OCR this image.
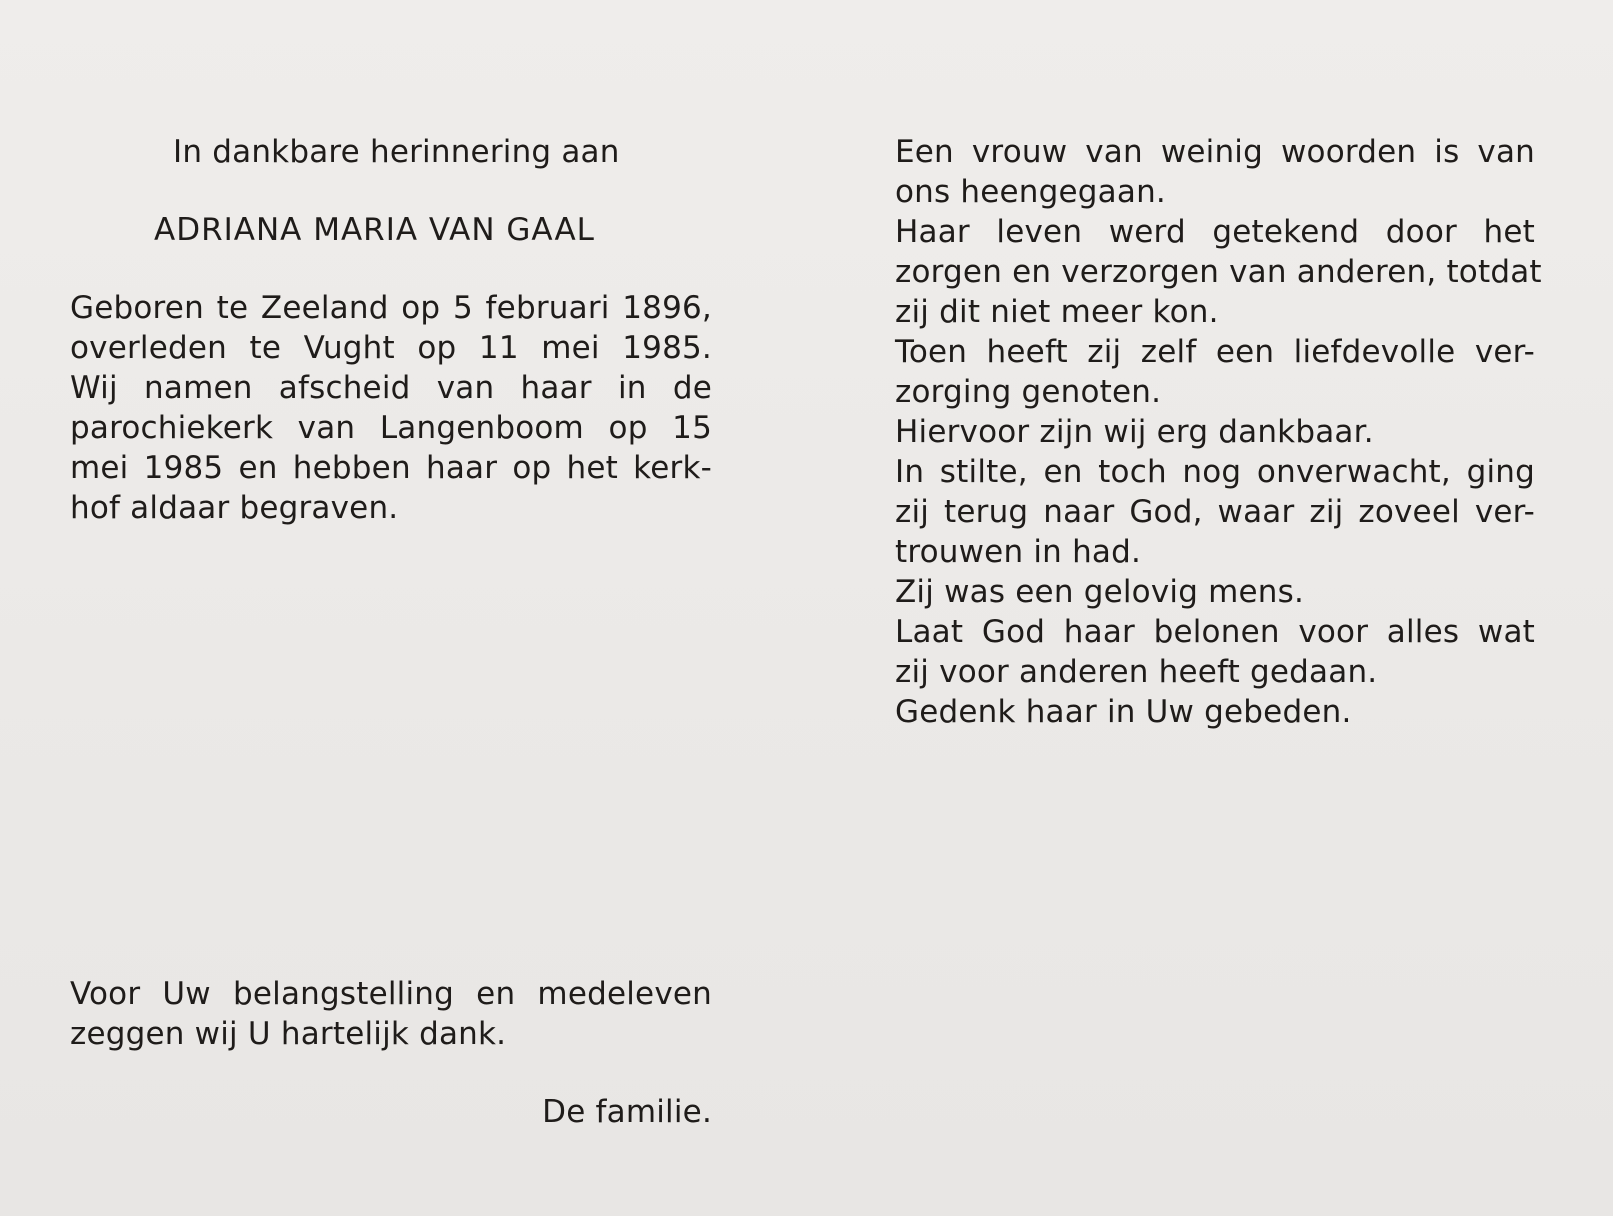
In dankbare herinnering aan
ADRIANA MARIA VAN GAAL
Geboren te Zeeland op 5 februari 1896,
overleden te Vught op 11 mei 1985.
Wij namen afscheid van haar in de
parochiekerk van Langenboom op 15
mei 1985 en hebben haar op het kerk-
hof aldaar begraven.
Voor Uw belangstelling en medeleven
zeggen wij U hartelijk dank.
De familie.
Een vrouw van weinig woorden is van
ons heengegaan.
Haar leven werd getekend door het
zorgen en verzorgen van anderen, totdat
zij dit niet meer kon.
Toen heeft zij zelf een liefdevolle ver-
zorging genoten.
Hiervoor zijn wij erg dankbaar.
In stilte, en toch nog onverwacht, ging
zij terug naar God, waar zij zoveel ver-
trouwen in had.
Zij was een gelovig mens.
Laat God haar belonen voor alles wat
zij voor anderen heeft gedaan.
Gedenk haar in Uw gebeden.
